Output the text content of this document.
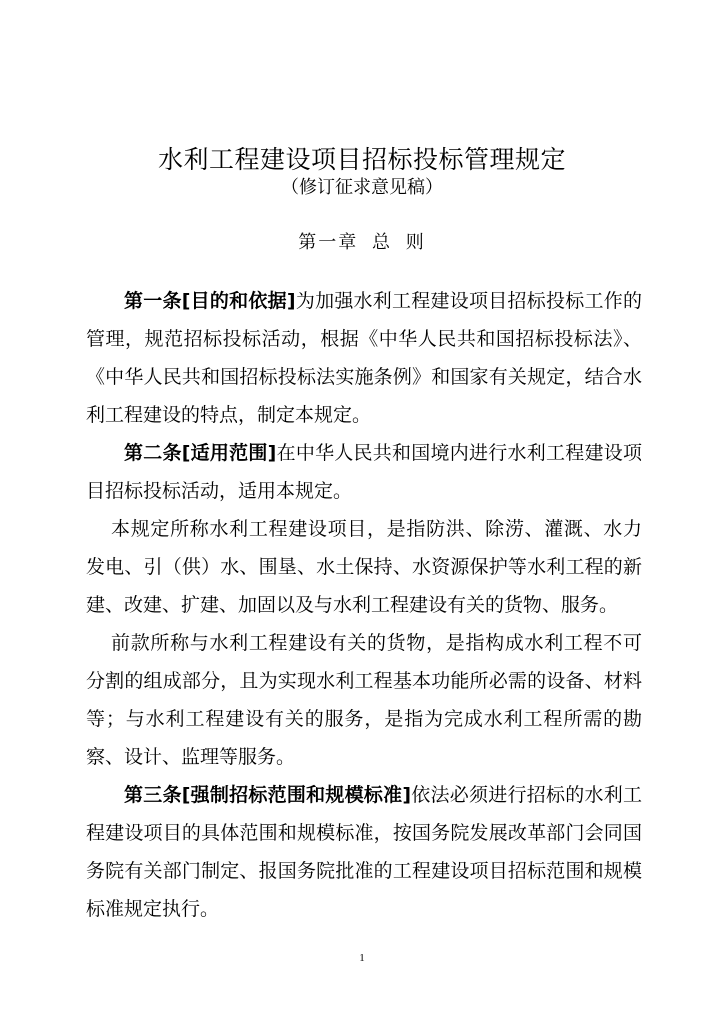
水利工程建设项目招标投标管理规定
（修订征求意见稿）
第一章 总 则

第一条[目的和依据]为加强水利工程建设项目招标投标工作的管理，规范招标投标活动，根据《中华人民共和国招标投标法》、《中华人民共和国招标投标法实施条例》和国家有关规定，结合水利工程建设的特点，制定本规定。

第二条[适用范围]在中华人民共和国境内进行水利工程建设项目招标投标活动，适用本规定。

本规定所称水利工程建设项目，是指防洪、除涝、灌溉、水力发电、引（供）水、围垦、水土保持、水资源保护等水利工程的新建、改建、扩建、加固以及与水利工程建设有关的货物、服务。

前款所称与水利工程建设有关的货物，是指构成水利工程不可分割的组成部分，且为实现水利工程基本功能所必需的设备、材料等；与水利工程建设有关的服务，是指为完成水利工程所需的勘察、设计、监理等服务。

第三条[强制招标范围和规模标准]依法必须进行招标的水利工程建设项目的具体范围和规模标准，按国务院发展改革部门会同国务院有关部门制定、报国务院批准的工程建设项目招标范围和规模标准规定执行。

1
